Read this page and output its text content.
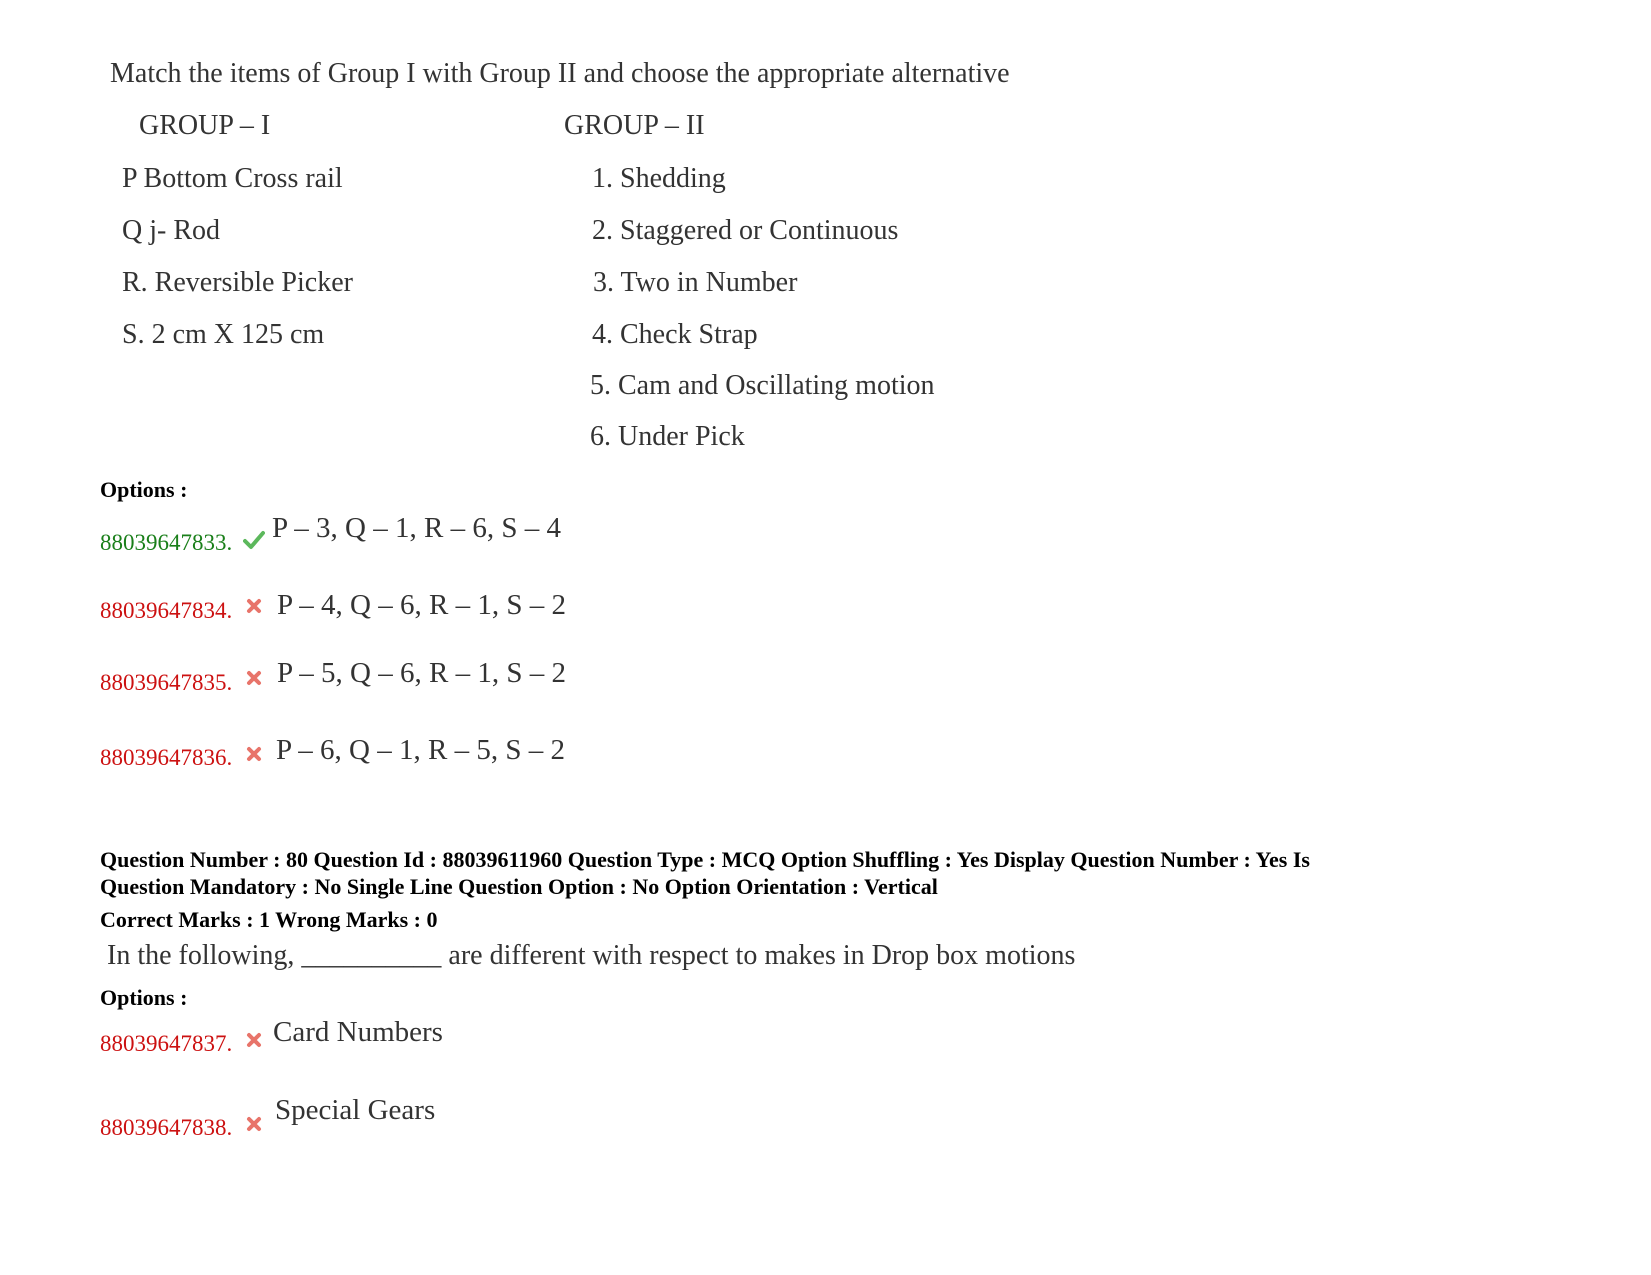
Match the items of Group I with Group II and choose the appropriate alternative
GROUP – I	GROUP – II
P Bottom Cross rail
Q j- Rod
R. Reversible Picker
S. 2 cm X 125 cm
1. Shedding
2. Staggered or Continuous
3. Two in Number
4. Check Strap
5. Cam and Oscillating motion
6. Under Pick
Options :
88039647833. P – 3, Q – 1, R – 6, S – 4
88039647834. P – 4, Q – 6, R – 1, S – 2
88039647835. P – 5, Q – 6, R – 1, S – 2
88039647836. P – 6, Q – 1, R – 5, S – 2
Question Number : 80 Question Id : 88039611960 Question Type : MCQ Option Shuffling : Yes Display Question Number : Yes Is
Question Mandatory : No Single Line Question Option : No Option Orientation : Vertical
Correct Marks : 1 Wrong Marks : 0
In the following, __________ are different with respect to makes in Drop box motions
Options :
88039647837. Card Numbers
88039647838.
Special Gears
